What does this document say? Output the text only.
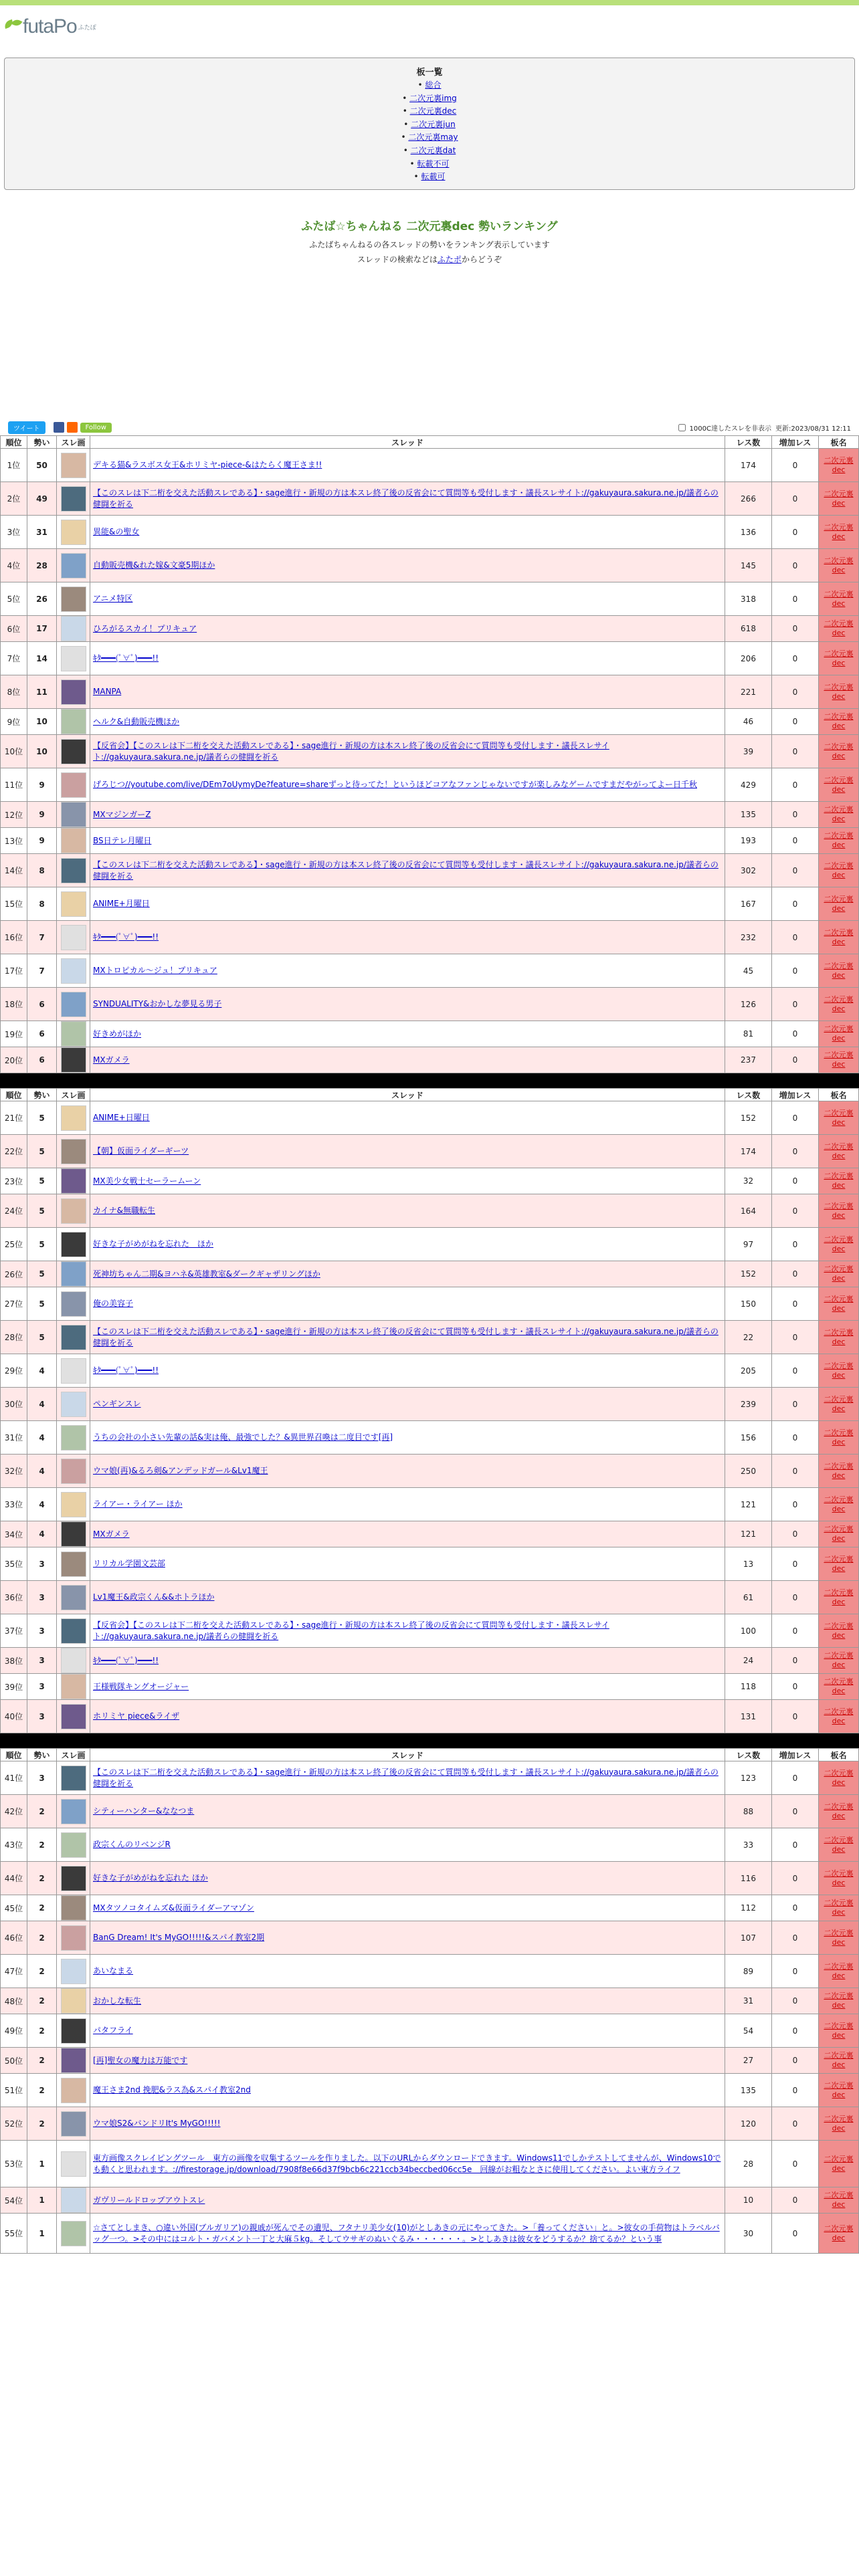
futaPo ふたぽ
板一覧
• 総合
• 二次元裏img
• 二次元裏dec
• 二次元裏jun
• 二次元裏may
• 二次元裏dat
• 転載不可
• 転載可
ふたば☆ちゃんねる 二次元裏dec 勢いランキング
ふたばちゃんねるの各スレッドの勢いをランキング表示しています
スレッドの検索などはふたポからどうぞ
ツイート	Follow	1000C達したスレを非表示 更新:2023/08/31 12:11
順位	勢い	スレ画	スレッド	レス数	増加レス	板名
1位	50		デキる猫&ラスボス女王&ホリミヤ-piece-&はたらく魔王さま!!	174	0	二次元裏dec
2位	49		【このスレは下二桁を交えた活動スレである】・sage進行・新規の方は本スレ終了後の反省会にて質問等も受付します・議長スレサイト://gakuyaura.sakura.ne.jp/議者らの健闘を祈る	266	0	二次元裏dec
3位	31		異能&の聖女	136	0	二次元裏dec
4位	28		自動販売機&れた嫁&文豪5期ほか	145	0	二次元裏dec
5位	26		アニメ特区	318	0	二次元裏dec
6位	17		ひろがるスカイ！プリキュア	618	0	二次元裏dec
7位	14		ｷﾀ━━━(ﾟ∀ﾟ)━━━!!	206	0	二次元裏dec
8位	11		MANPA	221	0	二次元裏dec
9位	10		ヘルク&自動販売機ほか	46	0	二次元裏dec
10位	10		【反省会】【このスレは下二桁を交えた活動スレである】・sage進行・新規の方は本スレ終了後の反省会にて質問等も受付します・議長スレサイト://gakuyaura.sakura.ne.jp/議者らの健闘を祈る	39	0	二次元裏dec
11位	9		げろじつ//youtube.com/live/DEm7oUymyDe?feature=shareずっと待ってた！というほどコアなファンじゃないですが楽しみなゲームですまだやがってよー日千秋	429	0	二次元裏dec
12位	9		MXマジンガーZ	135	0	二次元裏dec
13位	9		BS日テレ月曜日	193	0	二次元裏dec
14位	8		【このスレは下二桁を交えた活動スレである】・sage進行・新規の方は本スレ終了後の反省会にて質問等も受付します・議長スレサイト://gakuyaura.sakura.ne.jp/議者らの健闘を祈る	302	0	二次元裏dec
15位	8		ANIME+月曜日	167	0	二次元裏dec
16位	7		ｷﾀ━━━(ﾟ∀ﾟ)━━━!!	232	0	二次元裏dec
17位	7		MXトロピカル〜ジュ！プリキュア	45	0	二次元裏dec
18位	6		SYNDUALITY&おかしな夢見る男子	126	0	二次元裏dec
19位	6		好きめがほか	81	0	二次元裏dec
20位	6		MXガメラ	237	0	二次元裏dec
順位	勢い	スレ画	スレッド	レス数	増加レス	板名
21位	5		ANIME+日曜日	152	0	二次元裏dec
22位	5		【朝】仮面ライダーギーツ	174	0	二次元裏dec
23位	5		MX美少女戦士セーラームーン	32	0	二次元裏dec
24位	5		カイナ&無職転生	164	0	二次元裏dec
25位	5		好きな子がめがねを忘れた　ほか	97	0	二次元裏dec
26位	5		死神坊ちゃん二期&ヨハネ&英雄教室&ダークギャザリングほか	152	0	二次元裏dec
27位	5		俺の美容子	150	0	二次元裏dec
28位	5		【このスレは下二桁を交えた活動スレである】・sage進行・新規の方は本スレ終了後の反省会にて質問等も受付します・議長スレサイト://gakuyaura.sakura.ne.jp/議者らの健闘を祈る	22	0	二次元裏dec
29位	4		ｷﾀ━━━(ﾟ∀ﾟ)━━━!!	205	0	二次元裏dec
30位	4		ペンギンスレ	239	0	二次元裏dec
31位	4		うちの会社の小さい先輩の話&実は俺、最強でした？&異世界召喚は二度目です[再]	156	0	二次元裏dec
32位	4		ウマ娘(再)&るろ剣&アンデッドガール&Lv1魔王	250	0	二次元裏dec
33位	4		ライアー・ライアー ほか	121	0	二次元裏dec
34位	4		MXガメラ	121	0	二次元裏dec
35位	3		リリカル学園文芸部	13	0	二次元裏dec
36位	3		Lv1魔王&政宗くん&&ホトラほか	61	0	二次元裏dec
37位	3		【反省会】【このスレは下二桁を交えた活動スレである】・sage進行・新規の方は本スレ終了後の反省会にて質問等も受付します・議長スレサイト://gakuyaura.sakura.ne.jp/議者らの健闘を祈る	100	0	二次元裏dec
38位	3		ｷﾀ━━━(ﾟ∀ﾟ)━━━!!	24	0	二次元裏dec
39位	3		王様戦隊キングオージャー	118	0	二次元裏dec
40位	3		ホリミヤ piece&ライザ	131	0	二次元裏dec
順位	勢い	スレ画	スレッド	レス数	増加レス	板名
41位	3		【このスレは下二桁を交えた活動スレである】・sage進行・新規の方は本スレ終了後の反省会にて質問等も受付します・議長スレサイト://gakuyaura.sakura.ne.jp/議者らの健闘を祈る	123	0	二次元裏dec
42位	2		シティーハンター&ななつま	88	0	二次元裏dec
43位	2		政宗くんのリベンジR	33	0	二次元裏dec
44位	2		好きな子がめがねを忘れた ほか	116	0	二次元裏dec
45位	2		MXタツノコタイムズ&仮面ライダーアマゾン	112	0	二次元裏dec
46位	2		BanG Dream! It's MyGO!!!!!&スパイ教室2期	107	0	二次元裏dec
47位	2		あいなまる	89	0	二次元裏dec
48位	2		おかしな転生	31	0	二次元裏dec
49位	2		パタフライ	54	0	二次元裏dec
50位	2		[再]聖女の魔力は万能です	27	0	二次元裏dec
51位	2		魔王さま2nd 挽肥&ラス為&スパイ教室2nd	135	0	二次元裏dec
52位	2		ウマ娘S2&バンドリIt's MyGO!!!!!	120	0	二次元裏dec
53位	1		東方画像スクレイピングツール　東方の画像を収集するツールを作りました。以下のURLからダウンロードできます。Windows11でしかテストしてませんが、Windows10でも動くと思われます。://firestorage.jp/download/7908f8e66d37f9bcb6c221ccb34beccbed06cc5e　回線がお粗なとさに使用してください。よい東方ライフ	28	0	二次元裏dec
54位	1		ガヴリールドロップアウトスレ	10	0	二次元裏dec
55位	1		☆さてとしまき、○違い外国(ブルガリア)の親戚が死んでその遺児、フタナリ美少女(10)がとしあきの元にやってきた。>「養ってください」と。>彼女の手荷物はトラベルバッグ一つ。>その中にはコルト・ガバメント一丁と大麻５kg。そしてウサギのぬいぐるみ・・・・・・。>としあきは彼女をどうするか？捨てるか？という事	30	0	二次元裏dec
